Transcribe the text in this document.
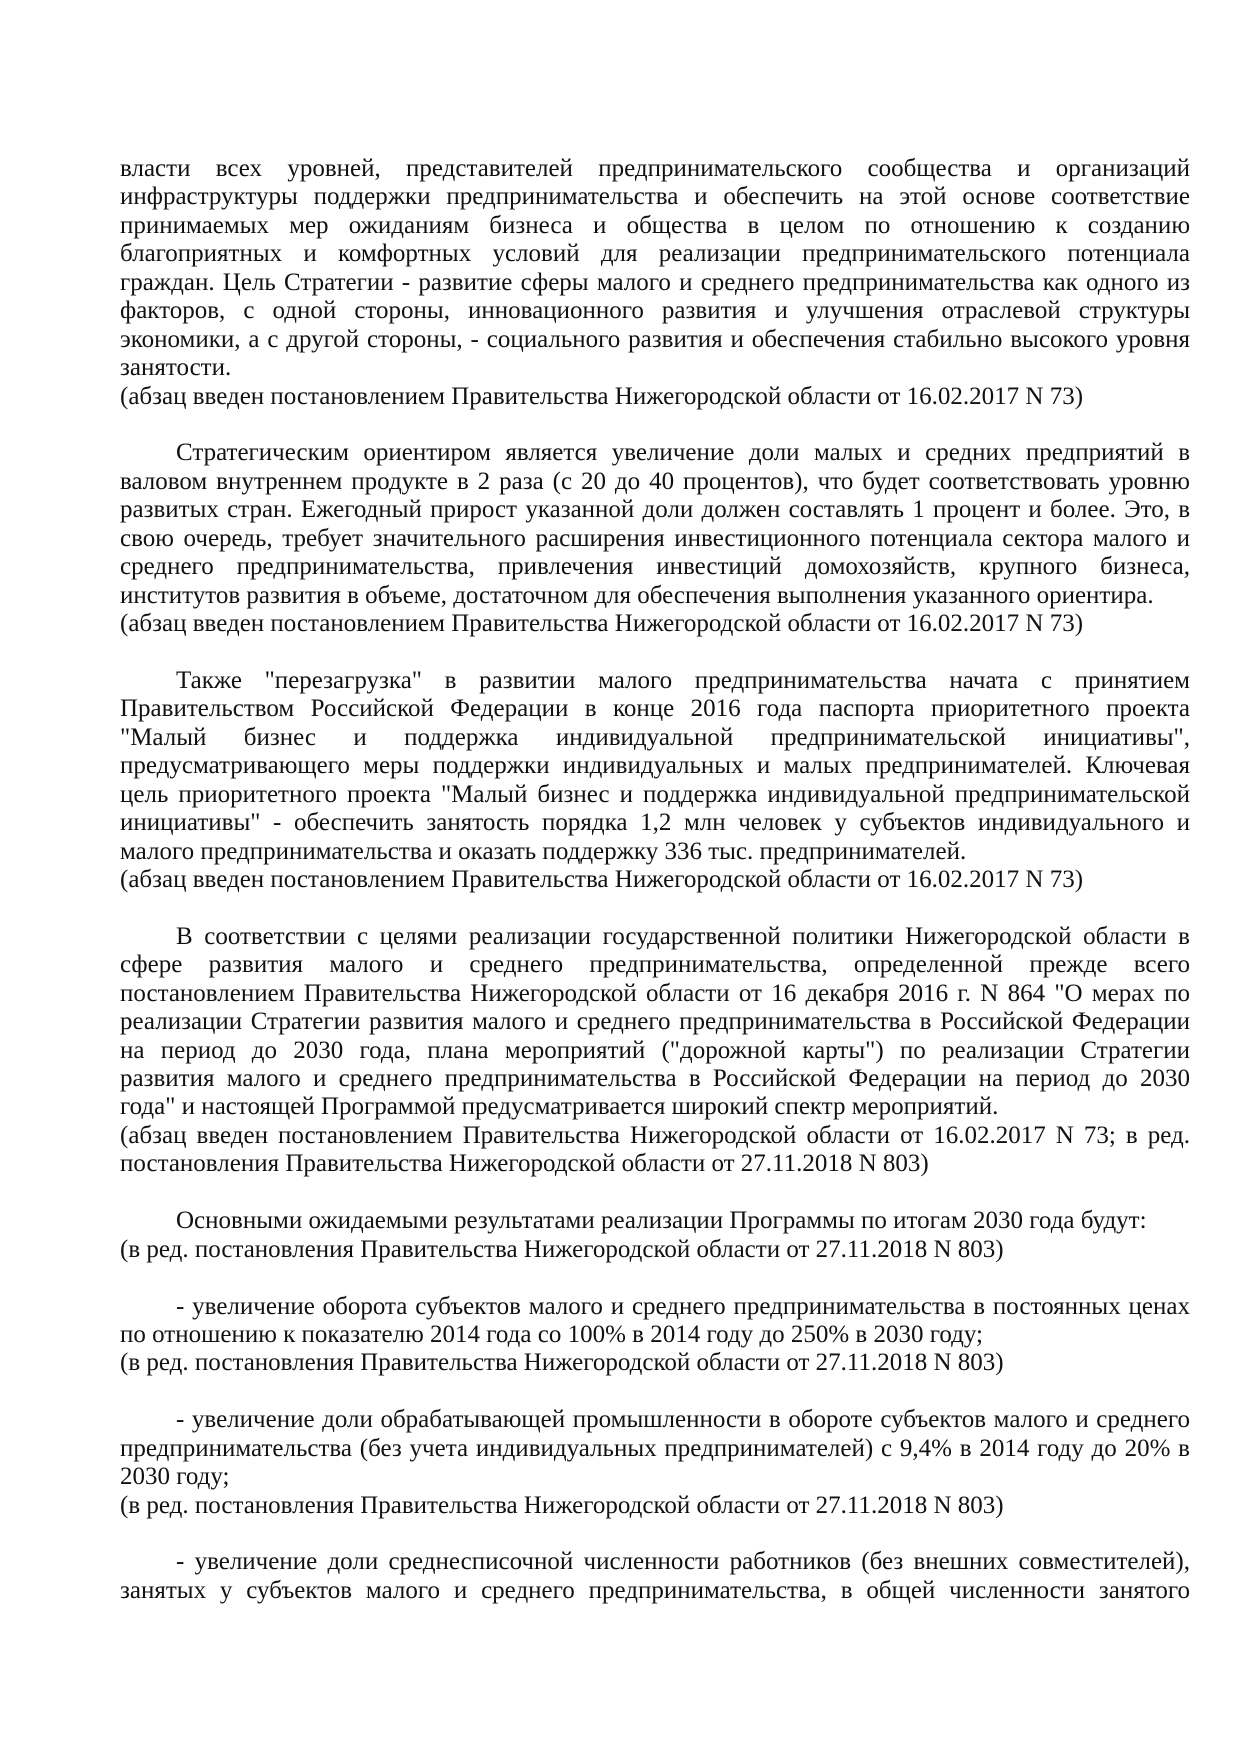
власти всех уровней, представителей предпринимательского сообщества и организаций
инфраструктуры поддержки предпринимательства и обеспечить на этой основе соответствие
принимаемых мер ожиданиям бизнеса и общества в целом по отношению к созданию
благоприятных и комфортных условий для реализации предпринимательского потенциала
граждан. Цель Стратегии - развитие сферы малого и среднего предпринимательства как одного из
факторов, с одной стороны, инновационного развития и улучшения отраслевой структуры
экономики, а с другой стороны, - социального развития и обеспечения стабильно высокого уровня
занятости.
(абзац введен постановлением Правительства Нижегородской области от 16.02.2017 N 73)
Стратегическим ориентиром является увеличение доли малых и средних предприятий в
валовом внутреннем продукте в 2 раза (с 20 до 40 процентов), что будет соответствовать уровню
развитых стран. Ежегодный прирост указанной доли должен составлять 1 процент и более. Это, в
свою очередь, требует значительного расширения инвестиционного потенциала сектора малого и
среднего предпринимательства, привлечения инвестиций домохозяйств, крупного бизнеса,
институтов развития в объеме, достаточном для обеспечения выполнения указанного ориентира.
(абзац введен постановлением Правительства Нижегородской области от 16.02.2017 N 73)
Также "перезагрузка" в развитии малого предпринимательства начата с принятием
Правительством Российской Федерации в конце 2016 года паспорта приоритетного проекта
"Малый бизнес и поддержка индивидуальной предпринимательской инициативы",
предусматривающего меры поддержки индивидуальных и малых предпринимателей. Ключевая
цель приоритетного проекта "Малый бизнес и поддержка индивидуальной предпринимательской
инициативы" - обеспечить занятость порядка 1,2 млн человек у субъектов индивидуального и
малого предпринимательства и оказать поддержку 336 тыс. предпринимателей.
(абзац введен постановлением Правительства Нижегородской области от 16.02.2017 N 73)
В соответствии с целями реализации государственной политики Нижегородской области в
сфере развития малого и среднего предпринимательства, определенной прежде всего
постановлением Правительства Нижегородской области от 16 декабря 2016 г. N 864 "О мерах по
реализации Стратегии развития малого и среднего предпринимательства в Российской Федерации
на период до 2030 года, плана мероприятий ("дорожной карты") по реализации Стратегии
развития малого и среднего предпринимательства в Российской Федерации на период до 2030
года" и настоящей Программой предусматривается широкий спектр мероприятий.
(абзац введен постановлением Правительства Нижегородской области от 16.02.2017 N 73; в ред.
постановления Правительства Нижегородской области от 27.11.2018 N 803)
Основными ожидаемыми результатами реализации Программы по итогам 2030 года будут:
(в ред. постановления Правительства Нижегородской области от 27.11.2018 N 803)
- увеличение оборота субъектов малого и среднего предпринимательства в постоянных ценах
по отношению к показателю 2014 года со 100% в 2014 году до 250% в 2030 году;
(в ред. постановления Правительства Нижегородской области от 27.11.2018 N 803)
- увеличение доли обрабатывающей промышленности в обороте субъектов малого и среднего
предпринимательства (без учета индивидуальных предпринимателей) с 9,4% в 2014 году до 20% в
2030 году;
(в ред. постановления Правительства Нижегородской области от 27.11.2018 N 803)
- увеличение доли среднесписочной численности работников (без внешних совместителей),
занятых у субъектов малого и среднего предпринимательства, в общей численности занятого
